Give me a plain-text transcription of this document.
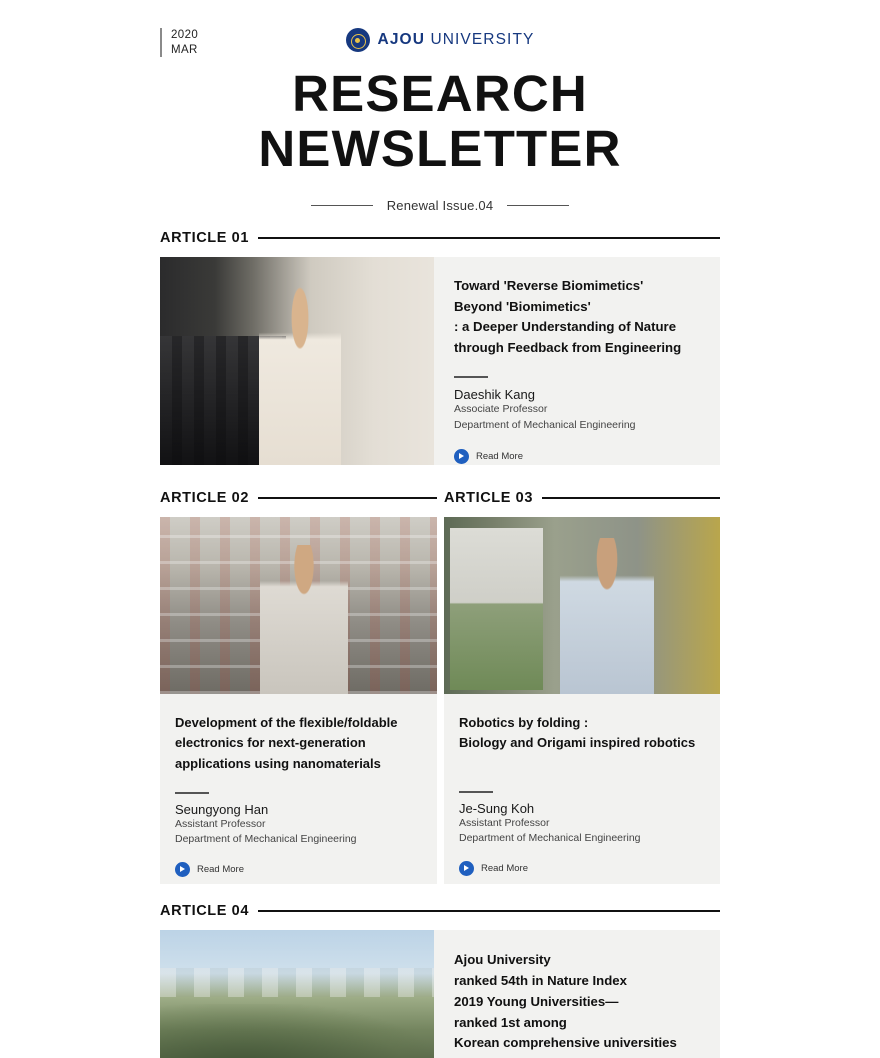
2020
MAR
AJOU UNIVERSITY
RESEARCH
NEWSLETTER
Renewal Issue.04
ARTICLE 01
Toward 'Reverse Biomimetics'
Beyond 'Biomimetics'
: a Deeper Understanding of Nature
through Feedback from Engineering
Daeshik Kang
Associate Professor
Department of Mechanical Engineering
Read More
ARTICLE 02
Development of the flexible/foldable
electronics for next-generation
applications using nanomaterials
Seungyong Han
Assistant Professor
Department of Mechanical Engineering
Read More
ARTICLE 03
Robotics by folding :
Biology and Origami inspired robotics
Je-Sung Koh
Assistant Professor
Department of Mechanical Engineering
Read More
ARTICLE 04
Ajou University
ranked 54th in Nature Index
2019 Young Universities—
ranked 1st among
Korean comprehensive universities
